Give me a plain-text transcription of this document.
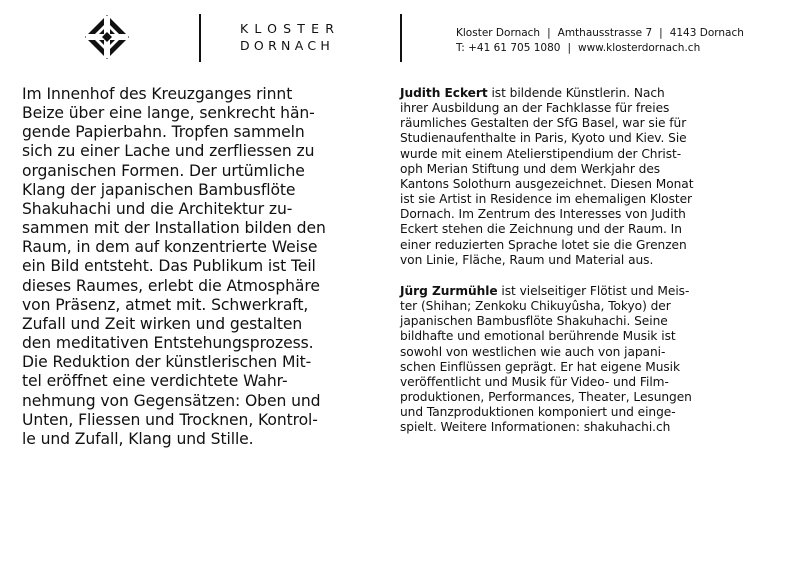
KLOSTER
DORNACH
Kloster Dornach | Amthausstrasse 7 | 4143 Dornach
T: +41 61 705 1080 | www.klosterdornach.ch

Im Innenhof des Kreuzganges rinnt
Beize über eine lange, senkrecht hän-
gende Papierbahn. Tropfen sammeln
sich zu einer Lache und zerfliessen zu
organischen Formen. Der urtümliche
Klang der japanischen Bambusflöte
Shakuhachi und die Architektur zu-
sammen mit der Installation bilden den
Raum, in dem auf konzentrierte Weise
ein Bild entsteht. Das Publikum ist Teil
dieses Raumes, erlebt die Atmosphäre
von Präsenz, atmet mit. Schwerkraft,
Zufall und Zeit wirken und gestalten
den meditativen Entstehungsprozess.
Die Reduktion der künstlerischen Mit-
tel eröffnet eine verdichtete Wahr-
nehmung von Gegensätzen: Oben und
Unten, Fliessen und Trocknen, Kontrol-
le und Zufall, Klang und Stille.

Judith Eckert ist bildende Künstlerin. Nach
ihrer Ausbildung an der Fachklasse für freies
räumliches Gestalten der SfG Basel, war sie für
Studienaufenthalte in Paris, Kyoto und Kiev. Sie
wurde mit einem Atelierstipendium der Christ-
oph Merian Stiftung und dem Werkjahr des
Kantons Solothurn ausgezeichnet. Diesen Monat
ist sie Artist in Residence im ehemaligen Kloster
Dornach. Im Zentrum des Interesses von Judith
Eckert stehen die Zeichnung und der Raum. In
einer reduzierten Sprache lotet sie die Grenzen
von Linie, Fläche, Raum und Material aus.

Jürg Zurmühle ist vielseitiger Flötist und Meis-
ter (Shihan; Zenkoku Chikuyûsha, Tokyo) der
japanischen Bambusflöte Shakuhachi. Seine
bildhafte und emotional berührende Musik ist
sowohl von westlichen wie auch von japani-
schen Einflüssen geprägt. Er hat eigene Musik
veröffentlicht und Musik für Video- und Film-
produktionen, Performances, Theater, Lesungen
und Tanzproduktionen komponiert und einge-
spielt. Weitere Informationen: shakuhachi.ch
